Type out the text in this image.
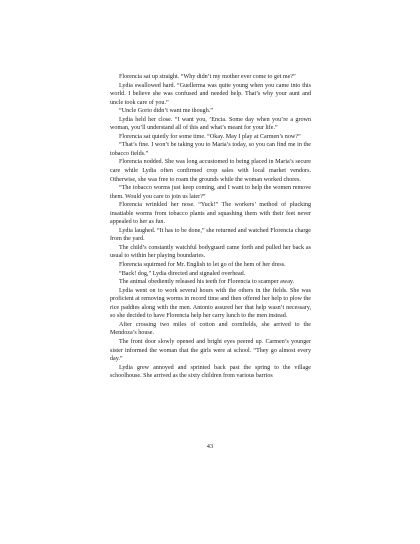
Florencia sat up straight. “Why didn’t my mother ever come to get me?”

Lydia swallowed hard. “Guellerma was quite young when you came into this world. I believe she was confused and needed help. That’s why your aunt and uncle took care of you.”

“Uncle Gorio didn’t want me though.”

Lydia held her close. “I want you, ’Encia. Some day when you’re a grown woman, you’ll understand all of this and what’s meant for your life.”

Florencia sat quietly for some time. “Okay. May I play at Carmen’s now?”

“That’s fine. I won’t be taking you to Maria’s today, so you can find me in the tobacco fields.”

Florencia nodded. She was long accustomed to being placed in Maria’s secure care while Lydia often confirmed crop sales with local market vendors. Otherwise, she was free to roam the grounds while the woman worked chores.

“The tobacco worms just keep coming, and I want to help the women remove them. Would you care to join us later?”

Florencia wrinkled her nose. “Yuck!” The workers’ method of plucking insatiable worms from tobacco plants and squashing them with their feet never appealed to her as fun.

Lydia laughed. “It has to be done,” she returned and watched Florencia charge from the yard.

The child’s constantly watchful bodyguard came forth and pulled her back as usual to within her playing boundaries.

Florencia squirmed for Mr. English to let go of the hem of her dress.

“Back! dog,” Lydia directed and signaled overhead.

The animal obediently released his teeth for Florencia to scamper away.

Lydia went on to work several hours with the others in the fields. She was proficient at removing worms in record time and then offered her help to plow the rice paddies along with the men. Antonio assured her that help wasn’t necessary, so she decided to have Florencia help her carry lunch to the men instead.

After crossing two miles of cotton and cornfields, she arrived to the Mendoza’s house.

The front door slowly opened and bright eyes peered up. Carmen’s younger sister informed the woman that the girls were at school. “They go almost every day.”

Lydia grew annoyed and sprinted back past the spring to the village schoolhouse. She arrived as the sixty children from various barrios

43
